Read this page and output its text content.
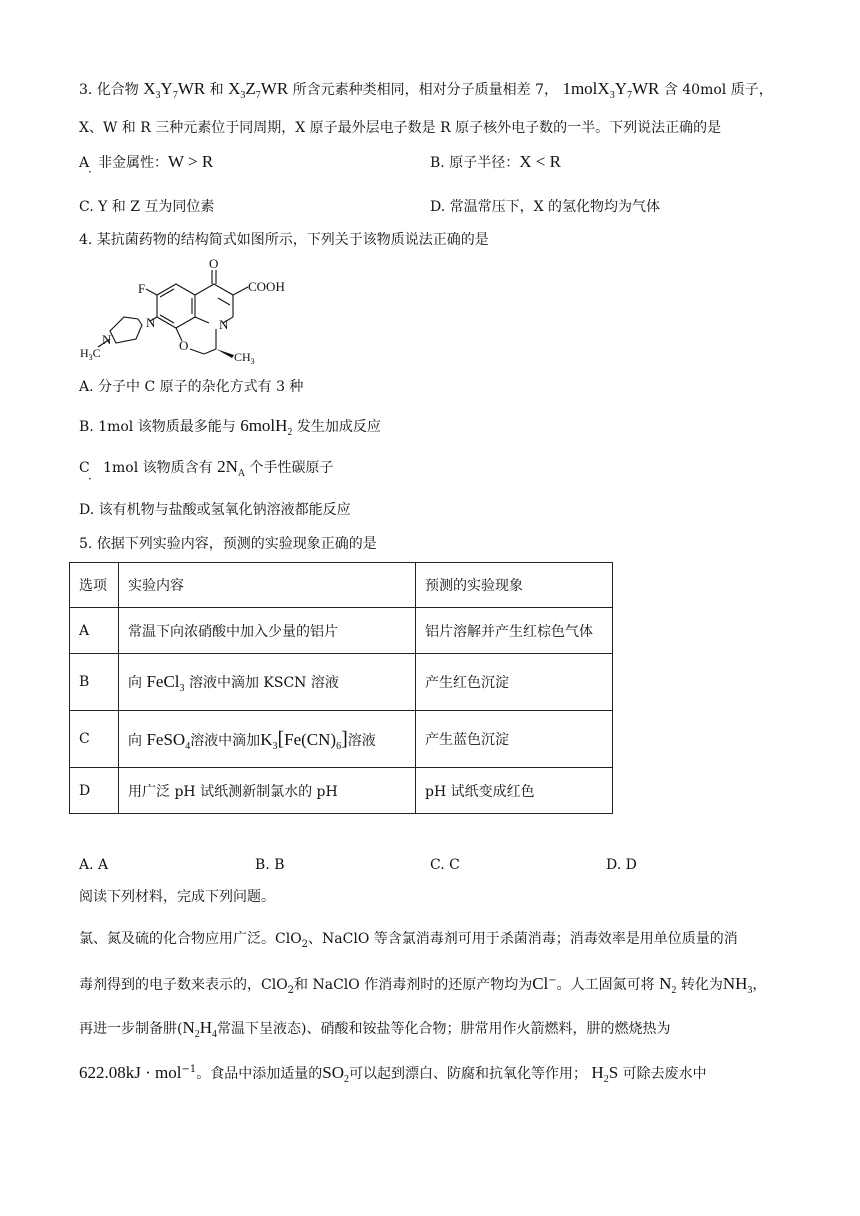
3. 化合物 $X_3Y_7WR$ 和 $X_3Z_7WR$ 所含元素种类相同，相对分子质量相差 7， $1molX_3Y_7WR$ 含 40mol 质子，
X、W 和 R 三种元素位于同周期，X 原子最外层电子数是 R 原子核外电子数的一半。下列说法正确的是
A 非金属性：W > R
·
B. 原子半径：X < R
C. Y 和 Z 互为同位素	D. 常温常压下，X 的氢化物均为气体
4. 某抗菌药物的结构简式如图所示，下列关于该物质说法正确的是
O
F	COOH
N
N
N	O
$H_3C$	$CH_3$
A. 分子中 C 原子的杂化方式有 3 种
B. 1mol 该物质最多能与 6molH$_2$ 发生加成反应
C 1mol 该物质含有 $2N_A$ 个手性碳原子
·
D. 该有机物与盐酸或氢氧化钠溶液都能反应
5. 依据下列实验内容，预测的实验现象正确的是
选项	实验内容	预测的实验现象
A	常温下向浓硝酸中加入少量的铝片	铝片溶解并产生红棕色气体
B	向 FeCl$_3$ 溶液中滴加 KSCN 溶液	产生红色沉淀
C	向 FeSO$_4$溶液中滴加$K_3[Fe(CN)_6]$溶液	产生蓝色沉淀
D	用广泛 pH 试纸测新制氯水的 pH	pH 试纸变成红色
A. A	B. B	C. C	D. D
阅读下列材料，完成下列问题。
氯、氮及硫的化合物应用广泛。ClO$_2$、NaClO 等含氯消毒剂可用于杀菌消毒；消毒效率是用单位质量的消
毒剂得到的电子数来表示的，ClO$_2$和 NaClO 作消毒剂时的还原产物均为Cl−。人工固氮可将 $N_2$ 转化为$NH_3$，
再进一步制备肼($N_2H_4$常温下呈液态)、硝酸和铵盐等化合物；肼常用作火箭燃料，肼的燃烧热为
622.08kJ · mol$^{-1}$。食品中添加适量的$SO_2$可以起到漂白、防腐和抗氧化等作用； $H_2S$ 可除去废水中
